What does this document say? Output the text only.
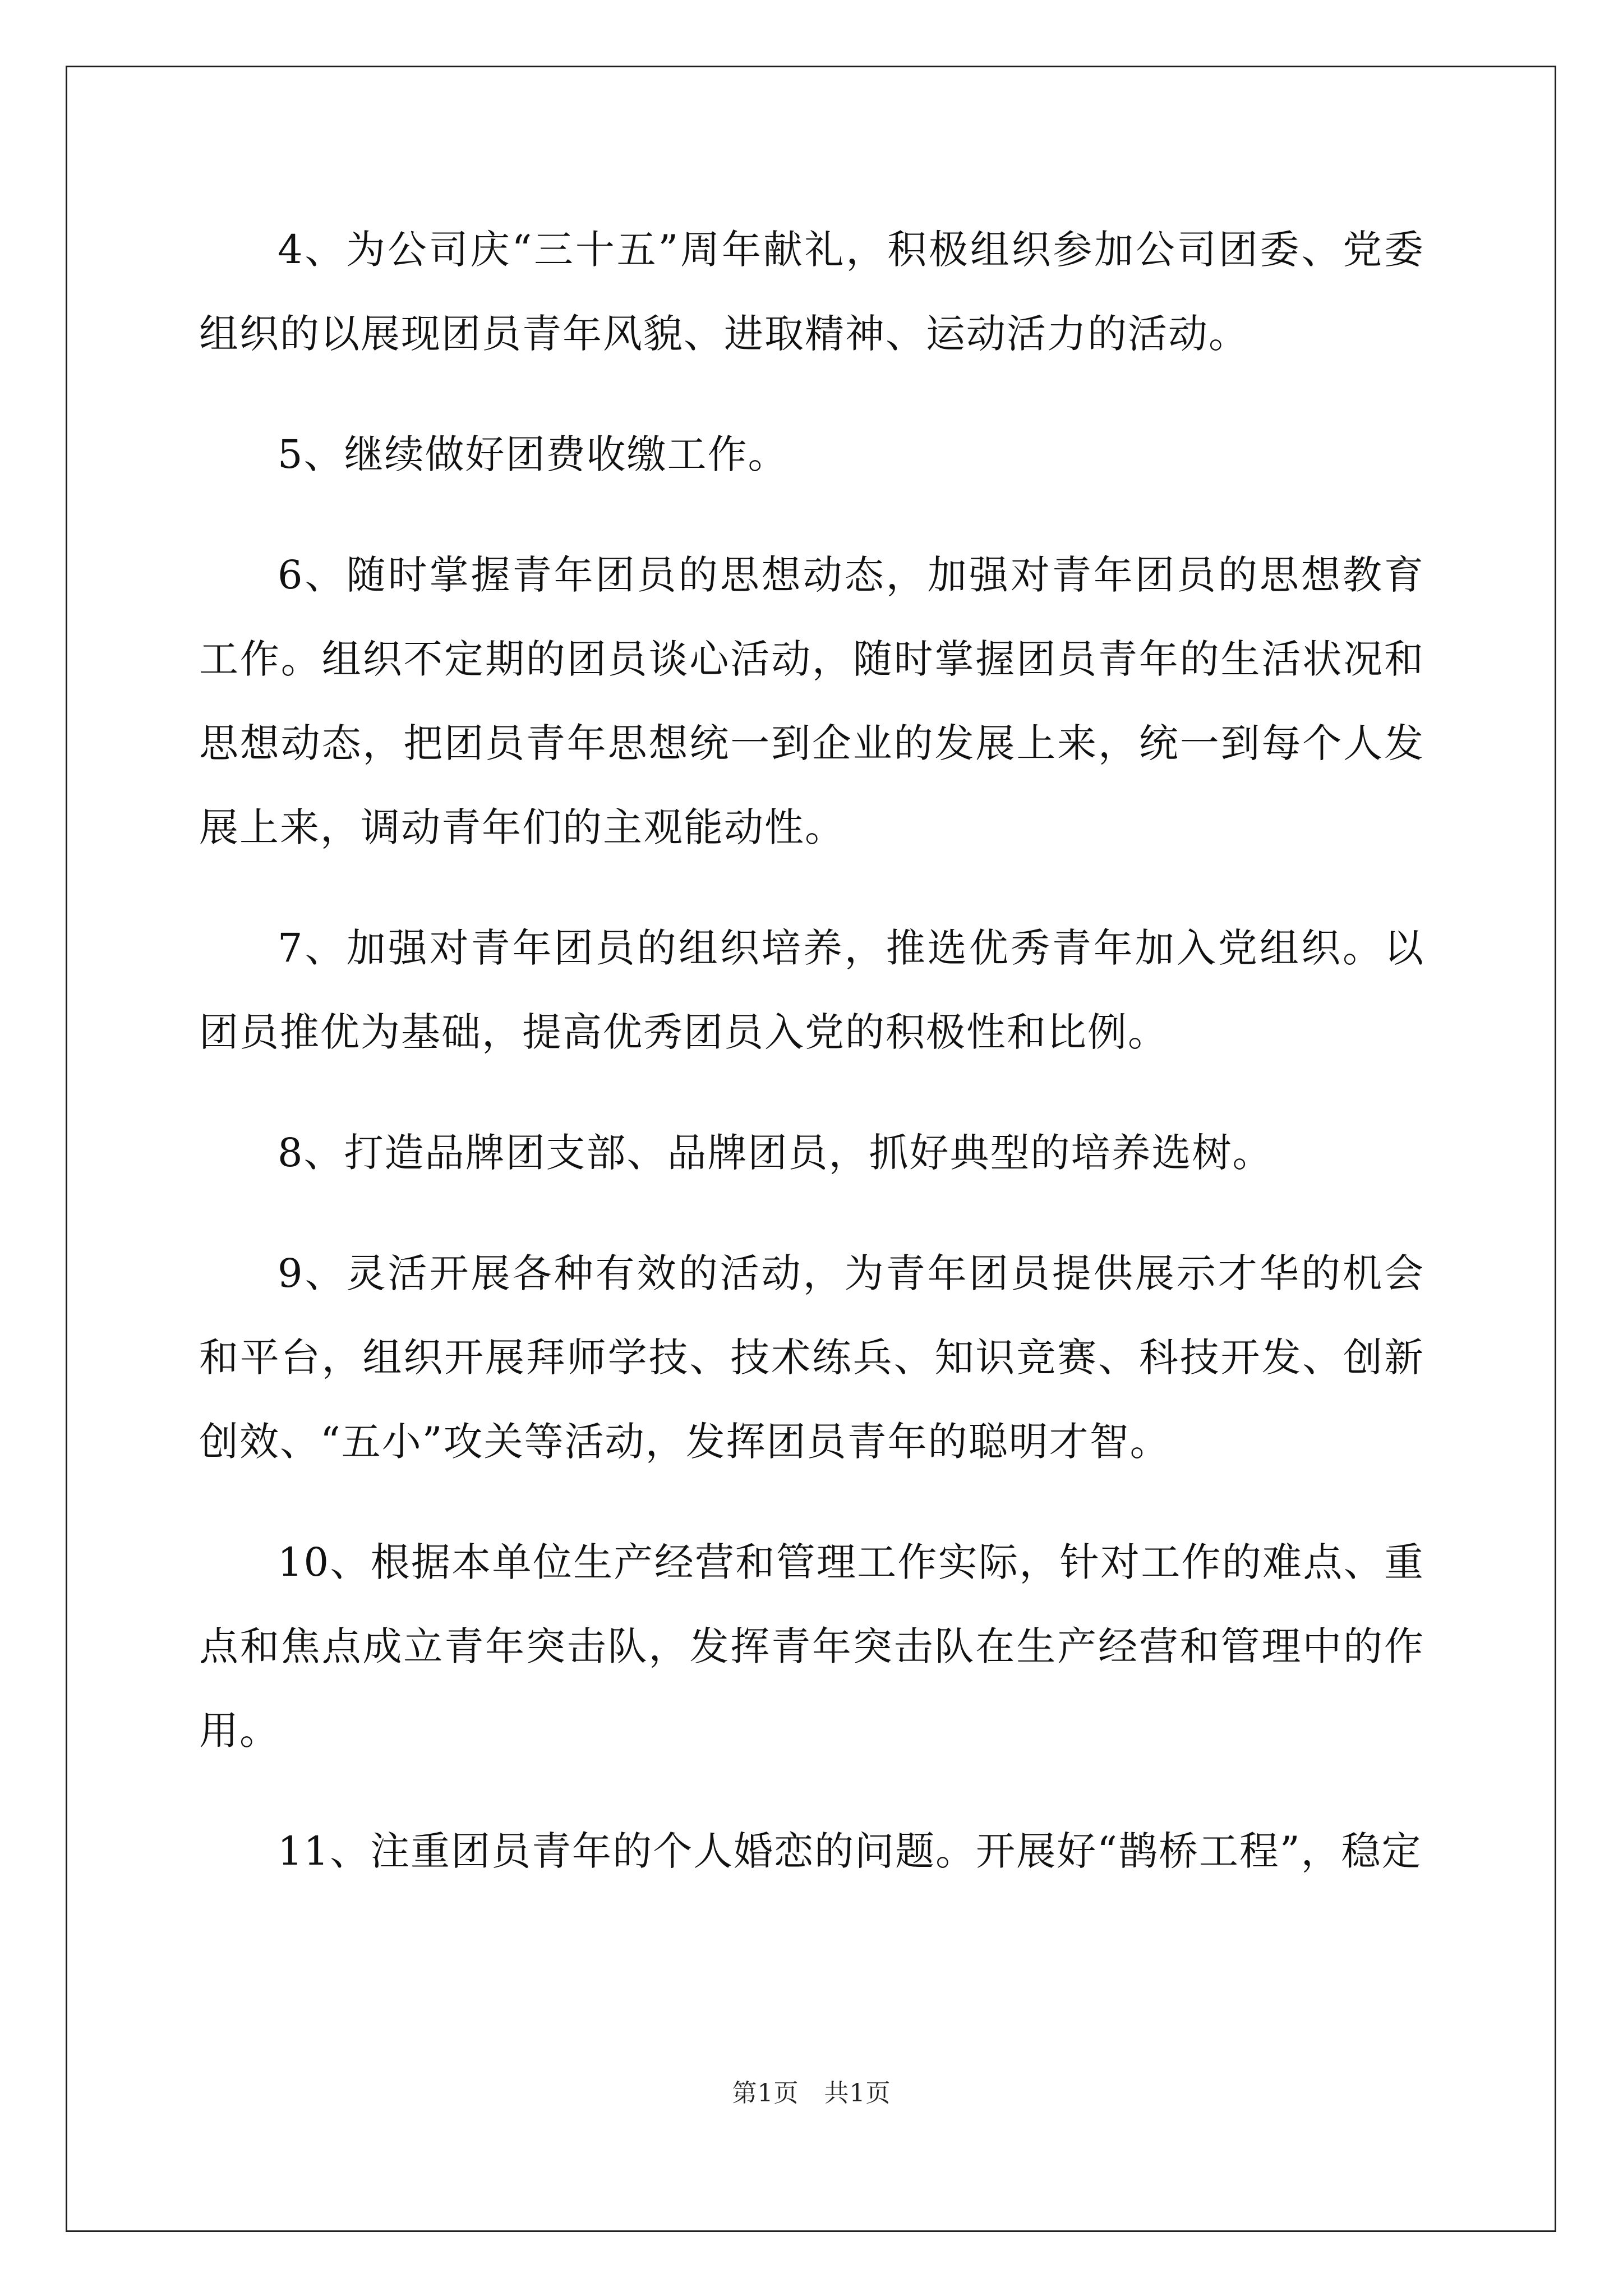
4、为公司庆“三十五”周年献礼，积极组织参加公司团委、党委组织的以展现团员青年风貌、进取精神、运动活力的活动。

5、继续做好团费收缴工作。

6、随时掌握青年团员的思想动态，加强对青年团员的思想教育工作。组织不定期的团员谈心活动，随时掌握团员青年的生活状况和思想动态，把团员青年思想统一到企业的发展上来，统一到每个人发展上来，调动青年们的主观能动性。

7、加强对青年团员的组织培养，推选优秀青年加入党组织。以团员推优为基础，提高优秀团员入党的积极性和比例。

8、打造品牌团支部、品牌团员，抓好典型的培养选树。

9、灵活开展各种有效的活动，为青年团员提供展示才华的机会和平台，组织开展拜师学技、技术练兵、知识竞赛、科技开发、创新创效、“五小”攻关等活动，发挥团员青年的聪明才智。

10、根据本单位生产经营和管理工作实际，针对工作的难点、重点和焦点成立青年突击队，发挥青年突击队在生产经营和管理中的作用。

11、注重团员青年的个人婚恋的问题。开展好“鹊桥工程”，稳定

第1页　共1页
